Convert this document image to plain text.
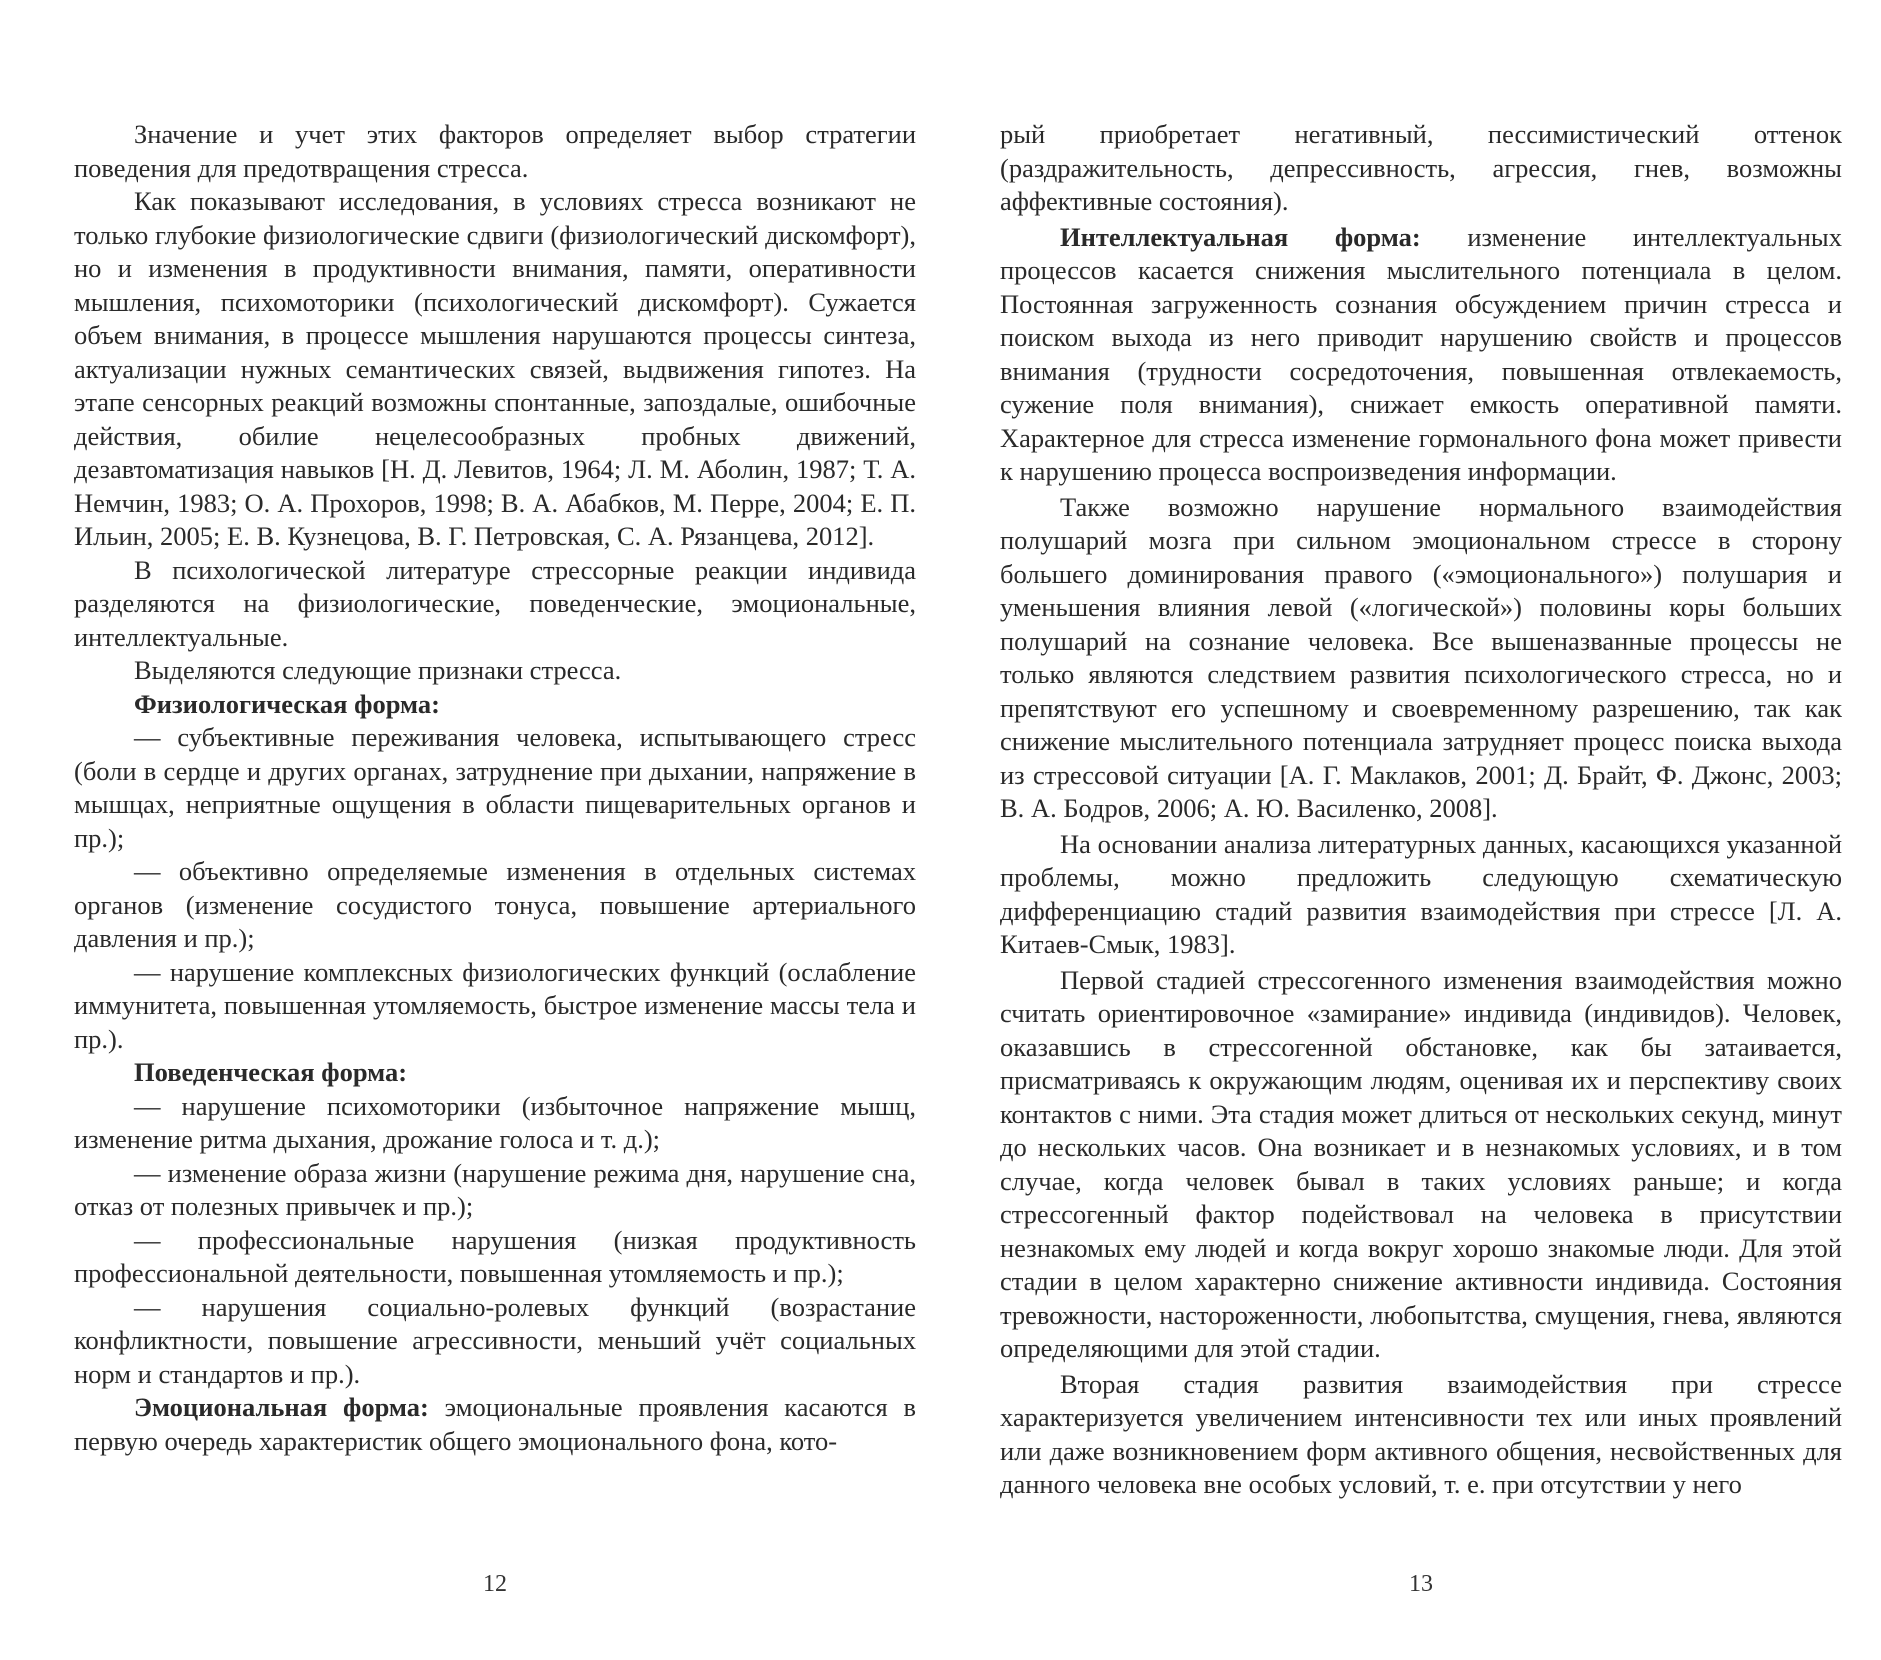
Значение и учет этих факторов определяет выбор стратегии поведения для предотвращения стресса.

Как показывают исследования, в условиях стресса возникают не только глубокие физиологические сдвиги (физиологический дискомфорт), но и изменения в продуктивности внимания, памяти, оперативности мышления, психомоторики (психологический дискомфорт). Сужается объем внимания, в процессе мышления нарушаются процессы синтеза, актуализации нужных семантических связей, выдвижения гипотез. На этапе сенсорных реакций возможны спонтанные, запоздалые, ошибочные действия, обилие нецелесообразных пробных движений, дезавтоматизация навыков [Н. Д. Левитов, 1964; Л. М. Аболин, 1987; Т. А. Немчин, 1983; О. А. Прохоров, 1998; В. А. Абабков, М. Перре, 2004; Е. П. Ильин, 2005; Е. В. Кузнецова, В. Г. Петровская, С. А. Рязанцева, 2012].

В психологической литературе стрессорные реакции индивида разделяются на физиологические, поведенческие, эмоциональные, интеллектуальные.

Выделяются следующие признаки стресса.

Физиологическая форма:

— субъективные переживания человека, испытывающего стресс (боли в сердце и других органах, затруднение при дыхании, напряжение в мышцах, неприятные ощущения в области пищеварительных органов и пр.);

— объективно определяемые изменения в отдельных системах органов (изменение сосудистого тонуса, повышение артериального давления и пр.);

— нарушение комплексных физиологических функций (ослабление иммунитета, повышенная утомляемость, быстрое изменение массы тела и пр.).

Поведенческая форма:

— нарушение психомоторики (избыточное напряжение мышц, изменение ритма дыхания, дрожание голоса и т. д.);

— изменение образа жизни (нарушение режима дня, нарушение сна, отказ от полезных привычек и пр.);

— профессиональные нарушения (низкая продуктивность профессиональной деятельности, повышенная утомляемость и пр.);

— нарушения социально-ролевых функций (возрастание конфликтности, повышение агрессивности, меньший учёт социальных норм и стандартов и пр.).

Эмоциональная форма: эмоциональные проявления касаются в первую очередь характеристик общего эмоционального фона, кото-

12

рый приобретает негативный, пессимистический оттенок (раздражительность, депрессивность, агрессия, гнев, возможны аффективные состояния).

Интеллектуальная форма: изменение интеллектуальных процессов касается снижения мыслительного потенциала в целом. Постоянная загруженность сознания обсуждением причин стресса и поиском выхода из него приводит нарушению свойств и процессов внимания (трудности сосредоточения, повышенная отвлекаемость, сужение поля внимания), снижает емкость оперативной памяти. Характерное для стресса изменение гормонального фона может привести к нарушению процесса воспроизведения информации.

Также возможно нарушение нормального взаимодействия полушарий мозга при сильном эмоциональном стрессе в сторону большего доминирования правого («эмоционального») полушария и уменьшения влияния левой («логической») половины коры больших полушарий на сознание человека. Все вышеназванные процессы не только являются следствием развития психологического стресса, но и препятствуют его успешному и своевременному разрешению, так как снижение мыслительного потенциала затрудняет процесс поиска выхода из стрессовой ситуации [А. Г. Маклаков, 2001; Д. Брайт, Ф. Джонс, 2003; В. А. Бодров, 2006; А. Ю. Василенко, 2008].

На основании анализа литературных данных, касающихся указанной проблемы, можно предложить следующую схематическую дифференциацию стадий развития взаимодействия при стрессе [Л. А. Китаев-Смык, 1983].

Первой стадией стрессогенного изменения взаимодействия можно считать ориентировочное «замирание» индивида (индивидов). Человек, оказавшись в стрессогенной обстановке, как бы затаивается, присматриваясь к окружающим людям, оценивая их и перспективу своих контактов с ними. Эта стадия может длиться от нескольких секунд, минут до нескольких часов. Она возникает и в незнакомых условиях, и в том случае, когда человек бывал в таких условиях раньше; и когда стрессогенный фактор подействовал на человека в присутствии незнакомых ему людей и когда вокруг хорошо знакомые люди. Для этой стадии в целом характерно снижение активности индивида. Состояния тревожности, настороженности, любопытства, смущения, гнева, являются определяющими для этой стадии.

Вторая стадия развития взаимодействия при стрессе характеризуется увеличением интенсивности тех или иных проявлений или даже возникновением форм активного общения, несвойственных для данного человека вне особых условий, т. е. при отсутствии у него

13
